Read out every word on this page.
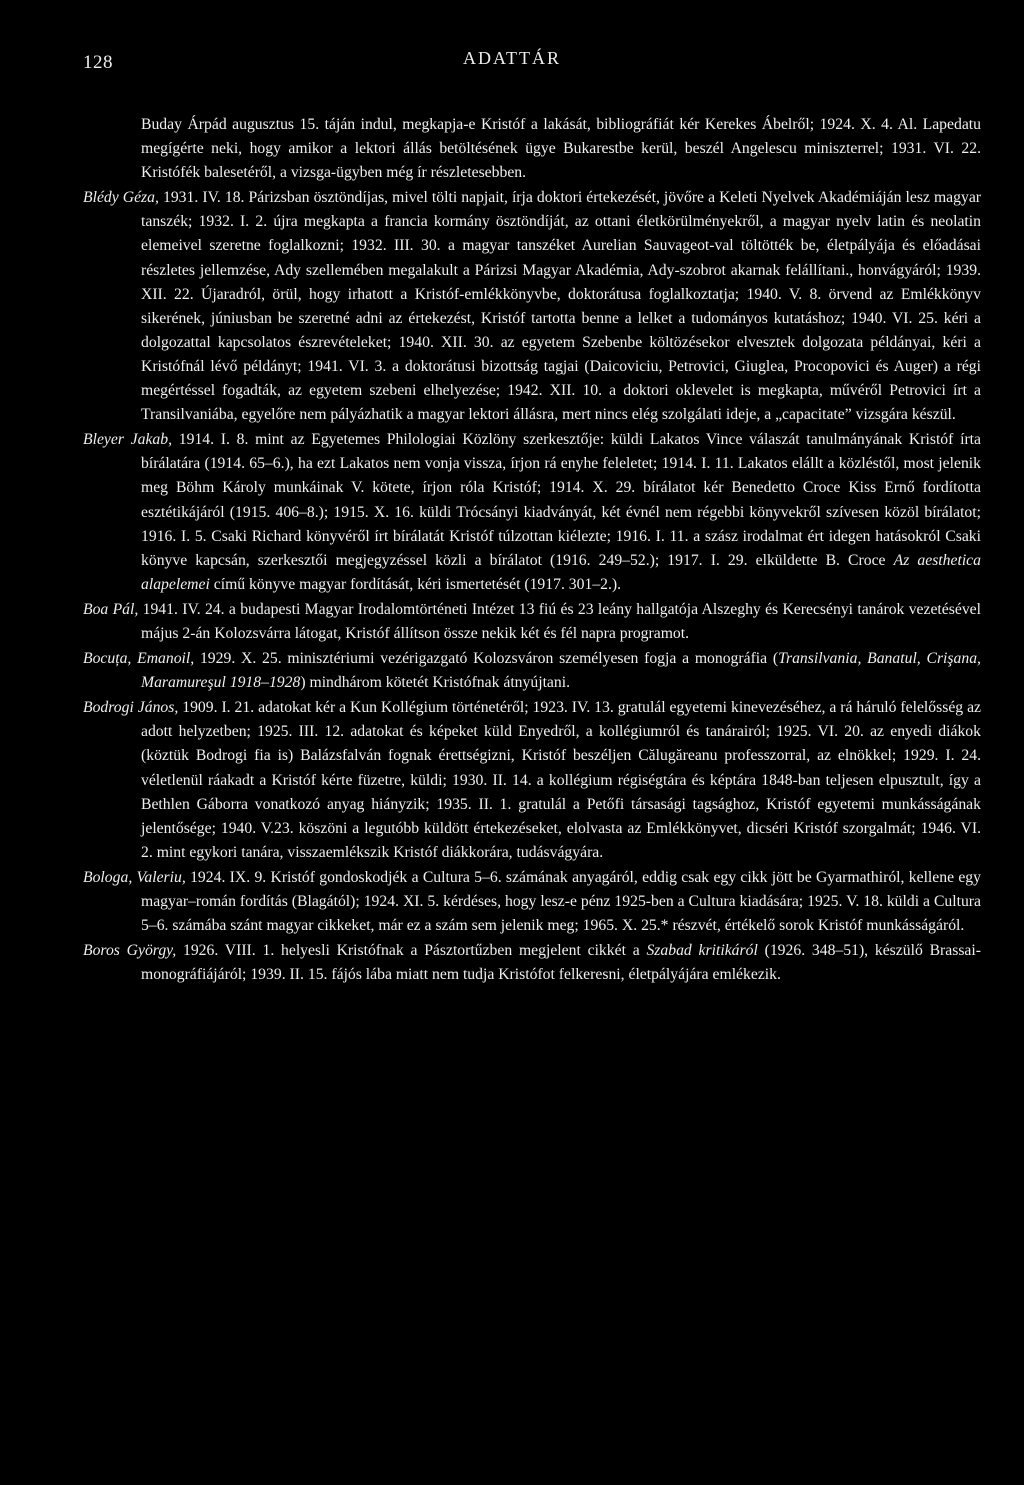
128	ADATTÁR

Buday Árpád augusztus 15. táján indul, megkapja-e Kristóf a lakását, bibliográfiát kér Kerekes Ábelről; 1924. X. 4. Al. Lapedatu megígérte neki, hogy amikor a lektori állás betöltésének ügye Bukarestbe kerül, beszél Angelescu miniszterrel; 1931. VI. 22. Kristófék balesetéről, a vizsga-ügyben még ír részletesebben.

Blédy Géza, 1931. IV. 18. Párizsban ösztöndíjas, mivel tölti napjait, írja doktori értekezését, jövőre a Keleti Nyelvek Akadémiáján lesz magyar tanszék; 1932. I. 2. újra megkapta a francia kormány ösztöndíját, az ottani életkörülményekről, a magyar nyelv latin és neolatin elemeivel szeretne foglalkozni; 1932. III. 30. a magyar tanszéket Aurelian Sauvageot-val töltötték be, életpályája és előadásai részletes jellemzése, Ady szellemében megalakult a Párizsi Magyar Akadémia, Ady-szobrot akarnak felállítani., honvágyáról; 1939. XII. 22. Újaradról, örül, hogy irhatott a Kristóf-emlékkönyvbe, doktorátusa foglalkoztatja; 1940. V. 8. örvend az Emlékkönyv sikerének, júniusban be szeretné adni az értekezést, Kristóf tartotta benne a lelket a tudományos kutatáshoz; 1940. VI. 25. kéri a dolgozattal kapcsolatos észrevételeket; 1940. XII. 30. az egyetem Szebenbe költözésekor elvesztek dolgozata példányai, kéri a Kristófnál lévő példányt; 1941. VI. 3. a doktorátusi bizottság tagjai (Daicoviciu, Petrovici, Giuglea, Procopovici és Auger) a régi megértéssel fogadták, az egyetem szebeni elhelyezése; 1942. XII. 10. a doktori oklevelet is megkapta, művéről Petrovici írt a Transilvaniába, egyelőre nem pályázhatik a magyar lektori állásra, mert nincs elég szolgálati ideje, a „capacitate” vizsgára készül.

Bleyer Jakab, 1914. I. 8. mint az Egyetemes Philologiai Közlöny szerkesztője: küldi Lakatos Vince válaszát tanulmányának Kristóf írta bírálatára (1914. 65–6.), ha ezt Lakatos nem vonja vissza, írjon rá enyhe feleletet; 1914. I. 11. Lakatos elállt a közléstől, most jelenik meg Böhm Károly munkáinak V. kötete, írjon róla Kristóf; 1914. X. 29. bírálatot kér Benedetto Croce Kiss Ernő fordította esztétikájáról (1915. 406–8.); 1915. X. 16. küldi Trócsányi kiadványát, két évnél nem régebbi könyvekről szívesen közöl bírálatot; 1916. I. 5. Csaki Richard könyvéről írt bírálatát Kristóf túlzottan kiélezte; 1916. I. 11. a szász irodalmat ért idegen hatásokról Csaki könyve kapcsán, szerkesztői megjegyzéssel közli a bírálatot (1916. 249–52.); 1917. I. 29. elküldette B. Croce Az aesthetica alapelemei című könyve magyar fordítását, kéri ismertetését (1917. 301–2.).

Boa Pál, 1941. IV. 24. a budapesti Magyar Irodalomtörténeti Intézet 13 fiú és 23 leány hallgatója Alszeghy és Kerecsényi tanárok vezetésével május 2-án Kolozsvárra látogat, Kristóf állítson össze nekik két és fél napra programot.

Bocuța, Emanoil, 1929. X. 25. minisztériumi vezérigazgató Kolozsváron személyesen fogja a monográfia (Transilvania, Banatul, Crişana, Maramureşul 1918–1928) mindhárom kötetét Kristófnak átnyújtani.

Bodrogi János, 1909. I. 21. adatokat kér a Kun Kollégium történetéről; 1923. IV. 13. gratulál egyetemi kinevezéséhez, a rá háruló felelősség az adott helyzetben; 1925. III. 12. adatokat és képeket küld Enyedről, a kollégiumról és tanárairól; 1925. VI. 20. az enyedi diákok (köztük Bodrogi fia is) Balázsfalván fognak érettségizni, Kristóf beszéljen Călugăreanu professzorral, az elnökkel; 1929. I. 24. véletlenül ráakadt a Kristóf kérte füzetre, küldi; 1930. II. 14. a kollégium régiségtára és képtára 1848-ban teljesen elpusztult, így a Bethlen Gáborra vonatkozó anyag hiányzik; 1935. II. 1. gratulál a Petőfi társasági tagsághoz, Kristóf egyetemi munkásságának jelentősége; 1940. V.23. köszöni a legutóbb küldött értekezéseket, elolvasta az Emlékkönyvet, dicséri Kristóf szorgalmát; 1946. VI. 2. mint egykori tanára, visszaemlékszik Kristóf diákkorára, tudásvágyára.

Bologa, Valeriu, 1924. IX. 9. Kristóf gondoskodjék a Cultura 5–6. számának anyagáról, eddig csak egy cikk jött be Gyarmathiról, kellene egy magyar–román fordítás (Blagától); 1924. XI. 5. kérdéses, hogy lesz-e pénz 1925-ben a Cultura kiadására; 1925. V. 18. küldi a Cultura 5–6. számába szánt magyar cikkeket, már ez a szám sem jelenik meg; 1965. X. 25.* részvét, értékelő sorok Kristóf munkásságáról.

Boros György, 1926. VIII. 1. helyesli Kristófnak a Pásztortűzben megjelent cikkét a Szabad kritikáról (1926. 348–51), készülő Brassai-monográfiájáról; 1939. II. 15. fájós lába miatt nem tudja Kristófot felkeresni, életpályájára emlékezik.
